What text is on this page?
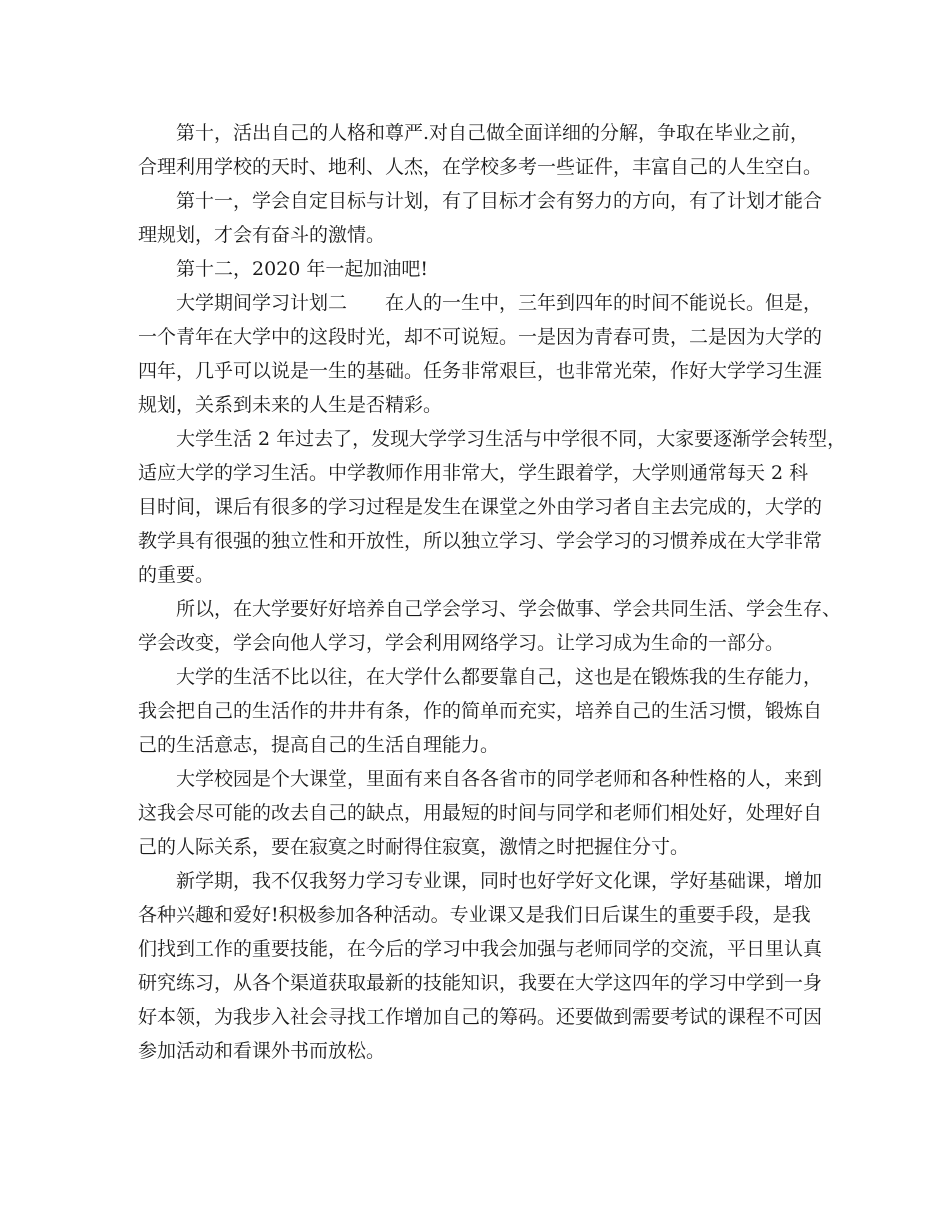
第十，活出自己的人格和尊严.对自己做全面详细的分解，争取在毕业之前，
合理利用学校的天时、地利、人杰，在学校多考一些证件，丰富自己的人生空白。
第十一，学会自定目标与计划，有了目标才会有努力的方向，有了计划才能合
理规划，才会有奋斗的激情。
第十二，2020 年一起加油吧!
大学期间学习计划二　　在人的一生中，三年到四年的时间不能说长。但是，
一个青年在大学中的这段时光，却不可说短。一是因为青春可贵，二是因为大学的
四年，几乎可以说是一生的基础。任务非常艰巨，也非常光荣，作好大学学习生涯
规划，关系到未来的人生是否精彩。
大学生活 2 年过去了，发现大学学习生活与中学很不同，大家要逐渐学会转型，
适应大学的学习生活。中学教师作用非常大，学生跟着学，大学则通常每天 2 科
目时间，课后有很多的学习过程是发生在课堂之外由学习者自主去完成的，大学的
教学具有很强的独立性和开放性，所以独立学习、学会学习的习惯养成在大学非常
的重要。
所以，在大学要好好培养自己学会学习、学会做事、学会共同生活、学会生存、
学会改变，学会向他人学习，学会利用网络学习。让学习成为生命的一部分。
大学的生活不比以往，在大学什么都要靠自己，这也是在锻炼我的生存能力，
我会把自己的生活作的井井有条，作的简单而充实，培养自己的生活习惯，锻炼自
己的生活意志，提高自己的生活自理能力。
大学校园是个大课堂，里面有来自各各省市的同学老师和各种性格的人，来到
这我会尽可能的改去自己的缺点，用最短的时间与同学和老师们相处好，处理好自
己的人际关系，要在寂寞之时耐得住寂寞，激情之时把握住分寸。
新学期，我不仅我努力学习专业课，同时也好学好文化课，学好基础课，增加
各种兴趣和爱好!积极参加各种活动。专业课又是我们日后谋生的重要手段，是我
们找到工作的重要技能，在今后的学习中我会加强与老师同学的交流，平日里认真
研究练习，从各个渠道获取最新的技能知识，我要在大学这四年的学习中学到一身
好本领，为我步入社会寻找工作增加自己的筹码。还要做到需要考试的课程不可因
参加活动和看课外书而放松。
